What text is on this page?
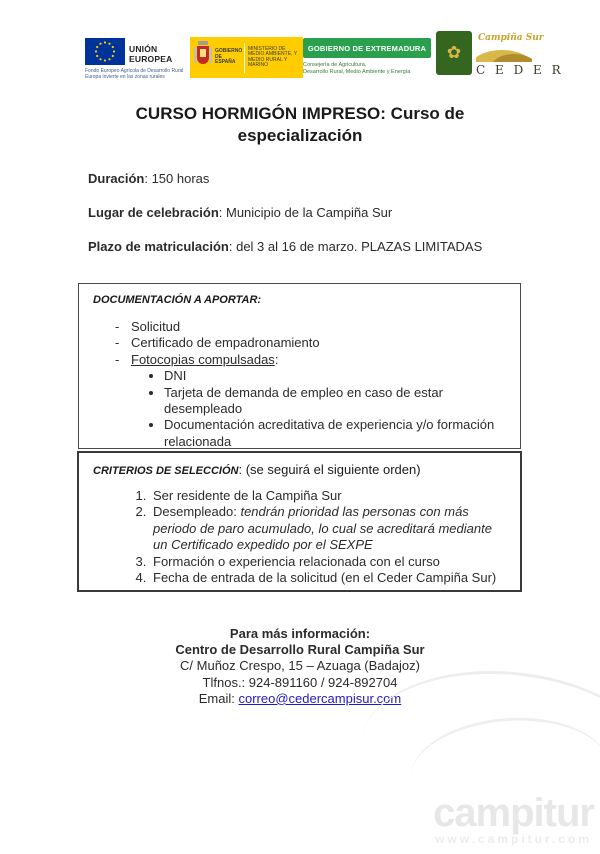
UNIÓN EUROPEA
Fondo Europeo Agrícola de Desarrollo Rural
Europa invierte en las zonas rurales
GOBIERNO DE ESPAÑA
MINISTERIO DE MEDIO AMBIENTE, Y MEDIO RURAL Y MARINO
GOBIERNO DE EXTREMADURA
Consejería de Agricultura,
Desarrollo Rural, Medio Ambiente y Energía
✿
Campiña Sur
C E D E R
CURSO HORMIGÓN IMPRESO: Curso de especialización
Duración: 150 horas
Lugar de celebración: Municipio de la Campiña Sur
Plazo de matriculación: del 3 al 16 de marzo. PLAZAS LIMITADAS
DOCUMENTACIÓN A APORTAR:
- Solicitud
- Certificado de empadronamiento
- Fotocopias compulsadas:
• DNI
• Tarjeta de demanda de empleo en caso de estar desempleado
• Documentación acreditativa de experiencia y/o formación relacionada
CRITERIOS DE SELECCIÓN: (se seguirá el siguiente orden)
1. Ser residente de la Campiña Sur
2. Desempleado: tendrán prioridad las personas con más periodo de paro acumulado, lo cual se acreditará mediante un Certificado expedido por el SEXPE
3. Formación o experiencia relacionada con el curso
4. Fecha de entrada de la solicitud (en el Ceder Campiña Sur)
Para más información:
Centro de Desarrollo Rural Campiña Sur
C/ Muñoz Crespo, 15 – Azuaga (Badajoz)
Tlfnos.: 924-891160 / 924-892704
Email: correo@cedercampisur.com
campitur
www.campitur.com
